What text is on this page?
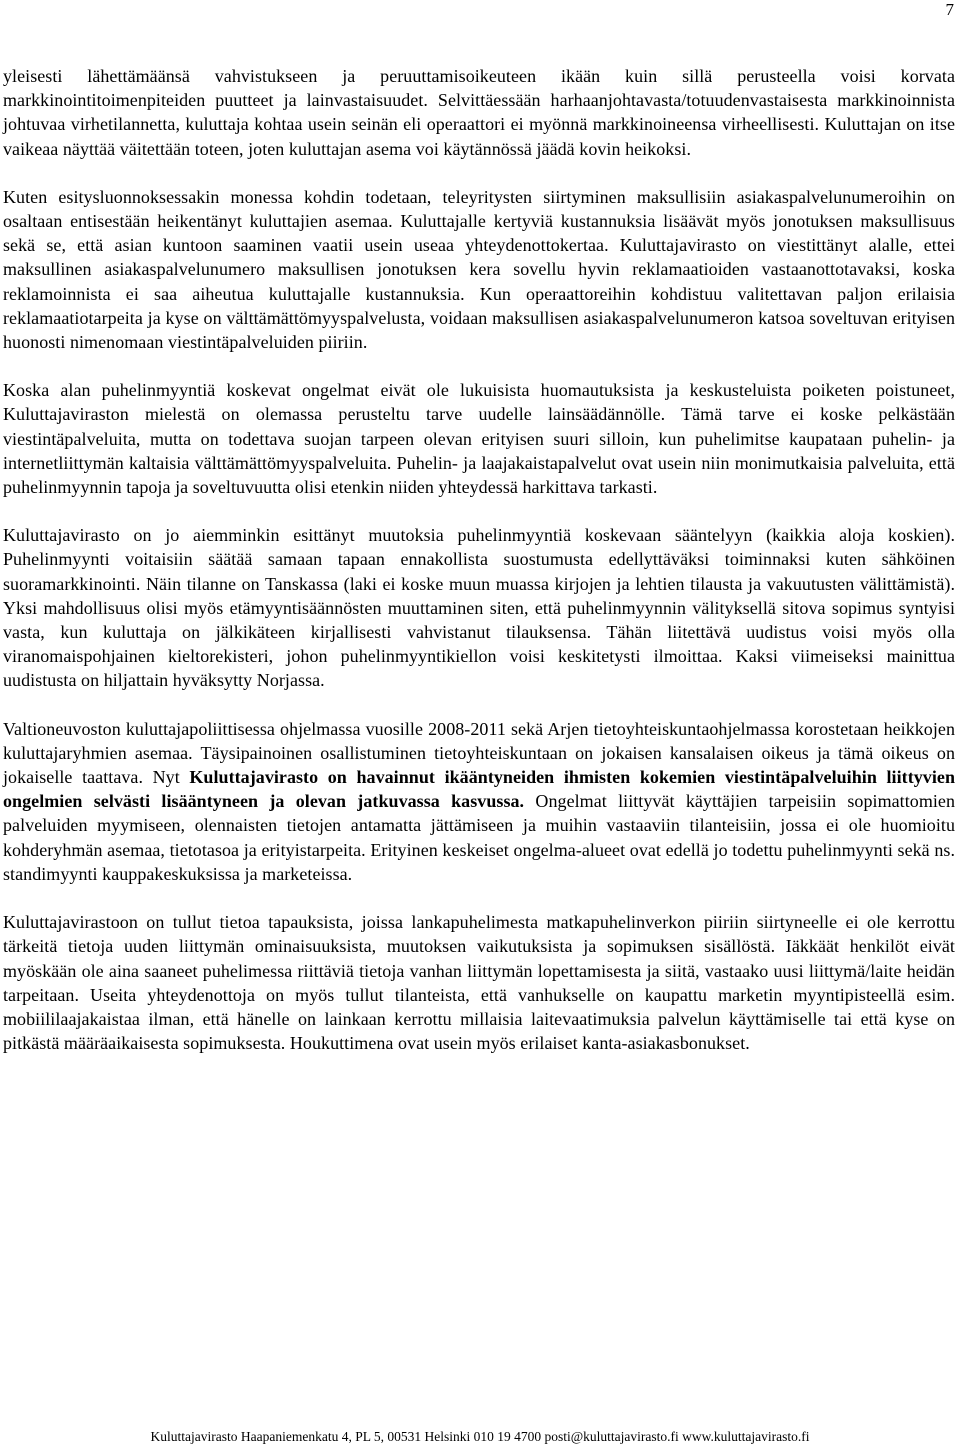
7

yleisesti lähettämäänsä vahvistukseen ja peruuttamisoikeuteen ikään kuin sillä perusteella voisi korvata markkinointitoimenpiteiden puutteet ja lainvastaisuudet. Selvittäessään harhaanjohtavasta/totuudenvastaisesta markkinoinnista johtuvaa virhetilannetta, kuluttaja kohtaa usein seinän eli operaattori ei myönnä markkinoineensa virheellisesti. Kuluttajan on itse vaikeaa näyttää väitettään toteen, joten kuluttajan asema voi käytännössä jäädä kovin heikoksi.

Kuten esitysluonnoksessakin monessa kohdin todetaan, teleyritysten siirtyminen maksullisiin asiakaspalvelunumeroihin on osaltaan entisestään heikentänyt kuluttajien asemaa. Kuluttajalle kertyviä kustannuksia lisäävät myös jonotuksen maksullisuus sekä se, että asian kuntoon saaminen vaatii usein useaa yhteydenottokertaa. Kuluttajavirasto on viestittänyt alalle, ettei maksullinen asiakaspalvelunumero maksullisen jonotuksen kera sovellu hyvin reklamaatioiden vastaanottotavaksi, koska reklamoinnista ei saa aiheutua kuluttajalle kustannuksia. Kun operaattoreihin kohdistuu valitettavan paljon erilaisia reklamaatiotarpeita ja kyse on välttämättömyyspalvelusta, voidaan maksullisen asiakaspalvelunumeron katsoa soveltuvan erityisen huonosti nimenomaan viestintäpalveluiden piiriin.

Koska alan puhelinmyyntiä koskevat ongelmat eivät ole lukuisista huomautuksista ja keskusteluista poiketen poistuneet, Kuluttajaviraston mielestä on olemassa perusteltu tarve uudelle lainsäädännölle. Tämä tarve ei koske pelkästään viestintäpalveluita, mutta on todettava suojan tarpeen olevan erityisen suuri silloin, kun puhelimitse kaupataan puhelin- ja internetliittymän kaltaisia välttämättömyyspalveluita. Puhelin- ja laajakaistapalvelut ovat usein niin monimutkaisia palveluita, että puhelinmyynnin tapoja ja soveltuvuutta olisi etenkin niiden yhteydessä harkittava tarkasti.

Kuluttajavirasto on jo aiemminkin esittänyt muutoksia puhelinmyyntiä koskevaan sääntelyyn (kaikkia aloja koskien). Puhelinmyynti voitaisiin säätää samaan tapaan ennakollista suostumusta edellyttäväksi toiminnaksi kuten sähköinen suoramarkkinointi. Näin tilanne on Tanskassa (laki ei koske muun muassa kirjojen ja lehtien tilausta ja vakuutusten välittämistä). Yksi mahdollisuus olisi myös etämyyntisäännösten muuttaminen siten, että puhelinmyynnin välityksellä sitova sopimus syntyisi vasta, kun kuluttaja on jälkikäteen kirjallisesti vahvistanut tilauksensa. Tähän liitettävä uudistus voisi myös olla viranomaispohjainen kieltorekisteri, johon puhelinmyyntikiellon voisi keskitetysti ilmoittaa. Kaksi viimeiseksi mainittua uudistusta on hiljattain hyväksytty Norjassa.

Valtioneuvoston kuluttajapoliittisessa ohjelmassa vuosille 2008-2011 sekä Arjen tietoyhteiskuntaohjelmassa korostetaan heikkojen kuluttajaryhmien asemaa. Täysipainoinen osallistuminen tietoyhteiskuntaan on jokaisen kansalaisen oikeus ja tämä oikeus on jokaiselle taattava. Nyt Kuluttajavirasto on havainnut ikääntyneiden ihmisten kokemien viestintäpalveluihin liittyvien ongelmien selvästi lisääntyneen ja olevan jatkuvassa kasvussa. Ongelmat liittyvät käyttäjien tarpeisiin sopimattomien palveluiden myymiseen, olennaisten tietojen antamatta jättämiseen ja muihin vastaaviin tilanteisiin, jossa ei ole huomioitu kohderyhmän asemaa, tietotasoa ja erityistarpeita. Erityinen keskeiset ongelma-alueet ovat edellä jo todettu puhelinmyynti sekä ns. standimyynti kauppakeskuksissa ja marketeissa.

Kuluttajavirastoon on tullut tietoa tapauksista, joissa lankapuhelimesta matkapuhelinverkon piiriin siirtyneelle ei ole kerrottu tärkeitä tietoja uuden liittymän ominaisuuksista, muutoksen vaikutuksista ja sopimuksen sisällöstä. Iäkkäät henkilöt eivät myöskään ole aina saaneet puhelimessa riittäviä tietoja vanhan liittymän lopettamisesta ja siitä, vastaako uusi liittymä/laite heidän tarpeitaan. Useita yhteydenottoja on myös tullut tilanteista, että vanhukselle on kaupattu marketin myyntipisteellä esim. mobiililaajakaistaa ilman, että hänelle on lainkaan kerrottu millaisia laitevaatimuksia palvelun käyttämiselle tai että kyse on pitkästä määräaikaisesta sopimuksesta. Houkuttimena ovat usein myös erilaiset kanta-asiakasbonukset.

Kuluttajavirasto Haapaniemenkatu 4, PL 5, 00531 Helsinki 010 19 4700 posti@kuluttajavirasto.fi www.kuluttajavirasto.fi
